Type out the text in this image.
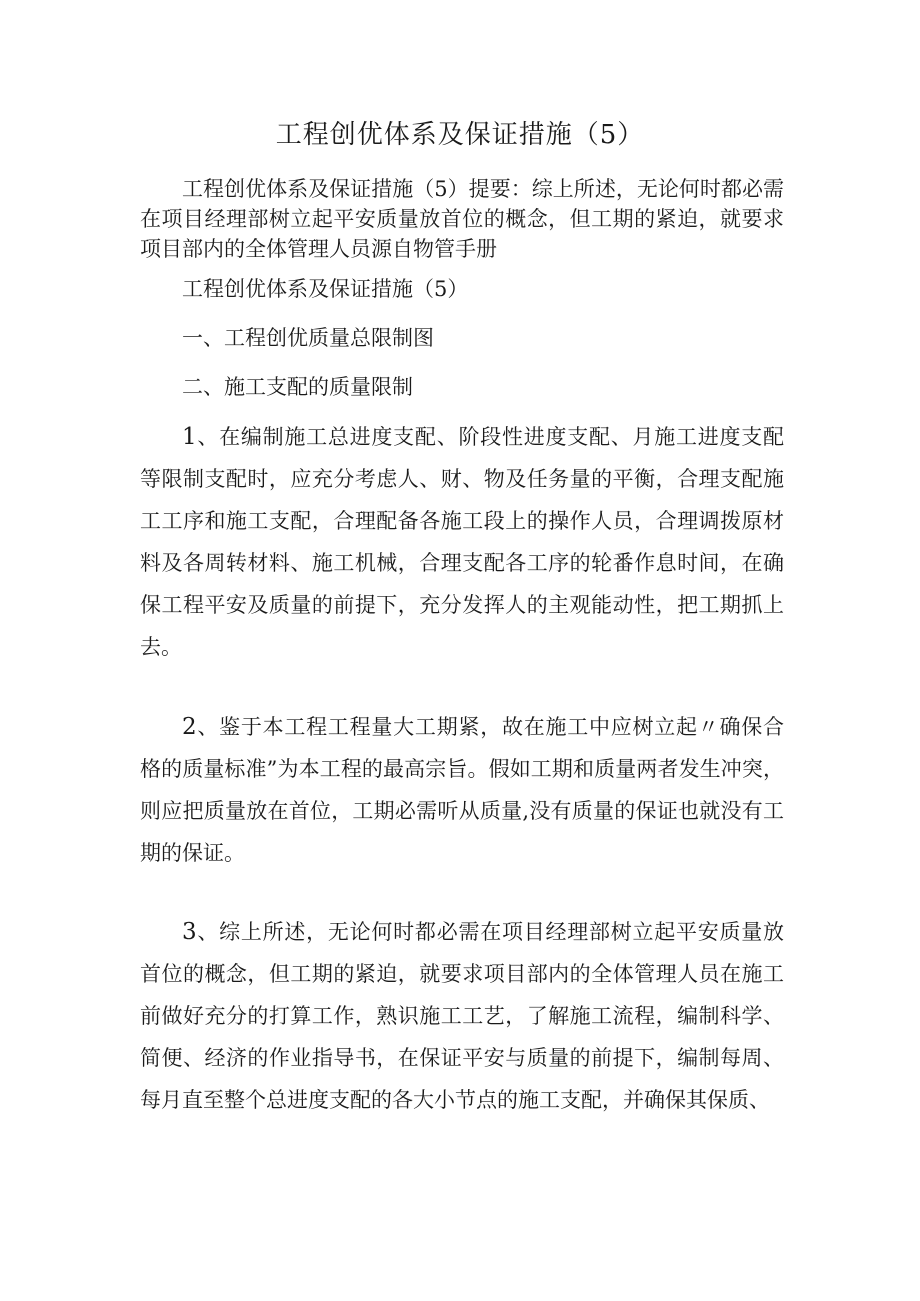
工程创优体系及保证措施（5）

工程创优体系及保证措施（5）提要：综上所述，无论何时都必需在项目经理部树立起平安质量放首位的概念，但工期的紧迫，就要求项目部内的全体管理人员源自物管手册

工程创优体系及保证措施（5）

一、工程创优质量总限制图

二、施工支配的质量限制

1、在编制施工总进度支配、阶段性进度支配、月施工进度支配等限制支配时，应充分考虑人、财、物及任务量的平衡，合理支配施工工序和施工支配，合理配备各施工段上的操作人员，合理调拨原材料及各周转材料、施工机械，合理支配各工序的轮番作息时间，在确保工程平安及质量的前提下，充分发挥人的主观能动性，把工期抓上去。

2、鉴于本工程工程量大工期紧，故在施工中应树立起〃确保合格的质量标准”为本工程的最高宗旨。假如工期和质量两者发生冲突，则应把质量放在首位，工期必需听从质量,没有质量的保证也就没有工期的保证。

3、综上所述，无论何时都必需在项目经理部树立起平安质量放首位的概念，但工期的紧迫，就要求项目部内的全体管理人员在施工前做好充分的打算工作，熟识施工工艺，了解施工流程，编制科学、简便、经济的作业指导书，在保证平安与质量的前提下，编制每周、每月直至整个总进度支配的各大小节点的施工支配，并确保其保质、
